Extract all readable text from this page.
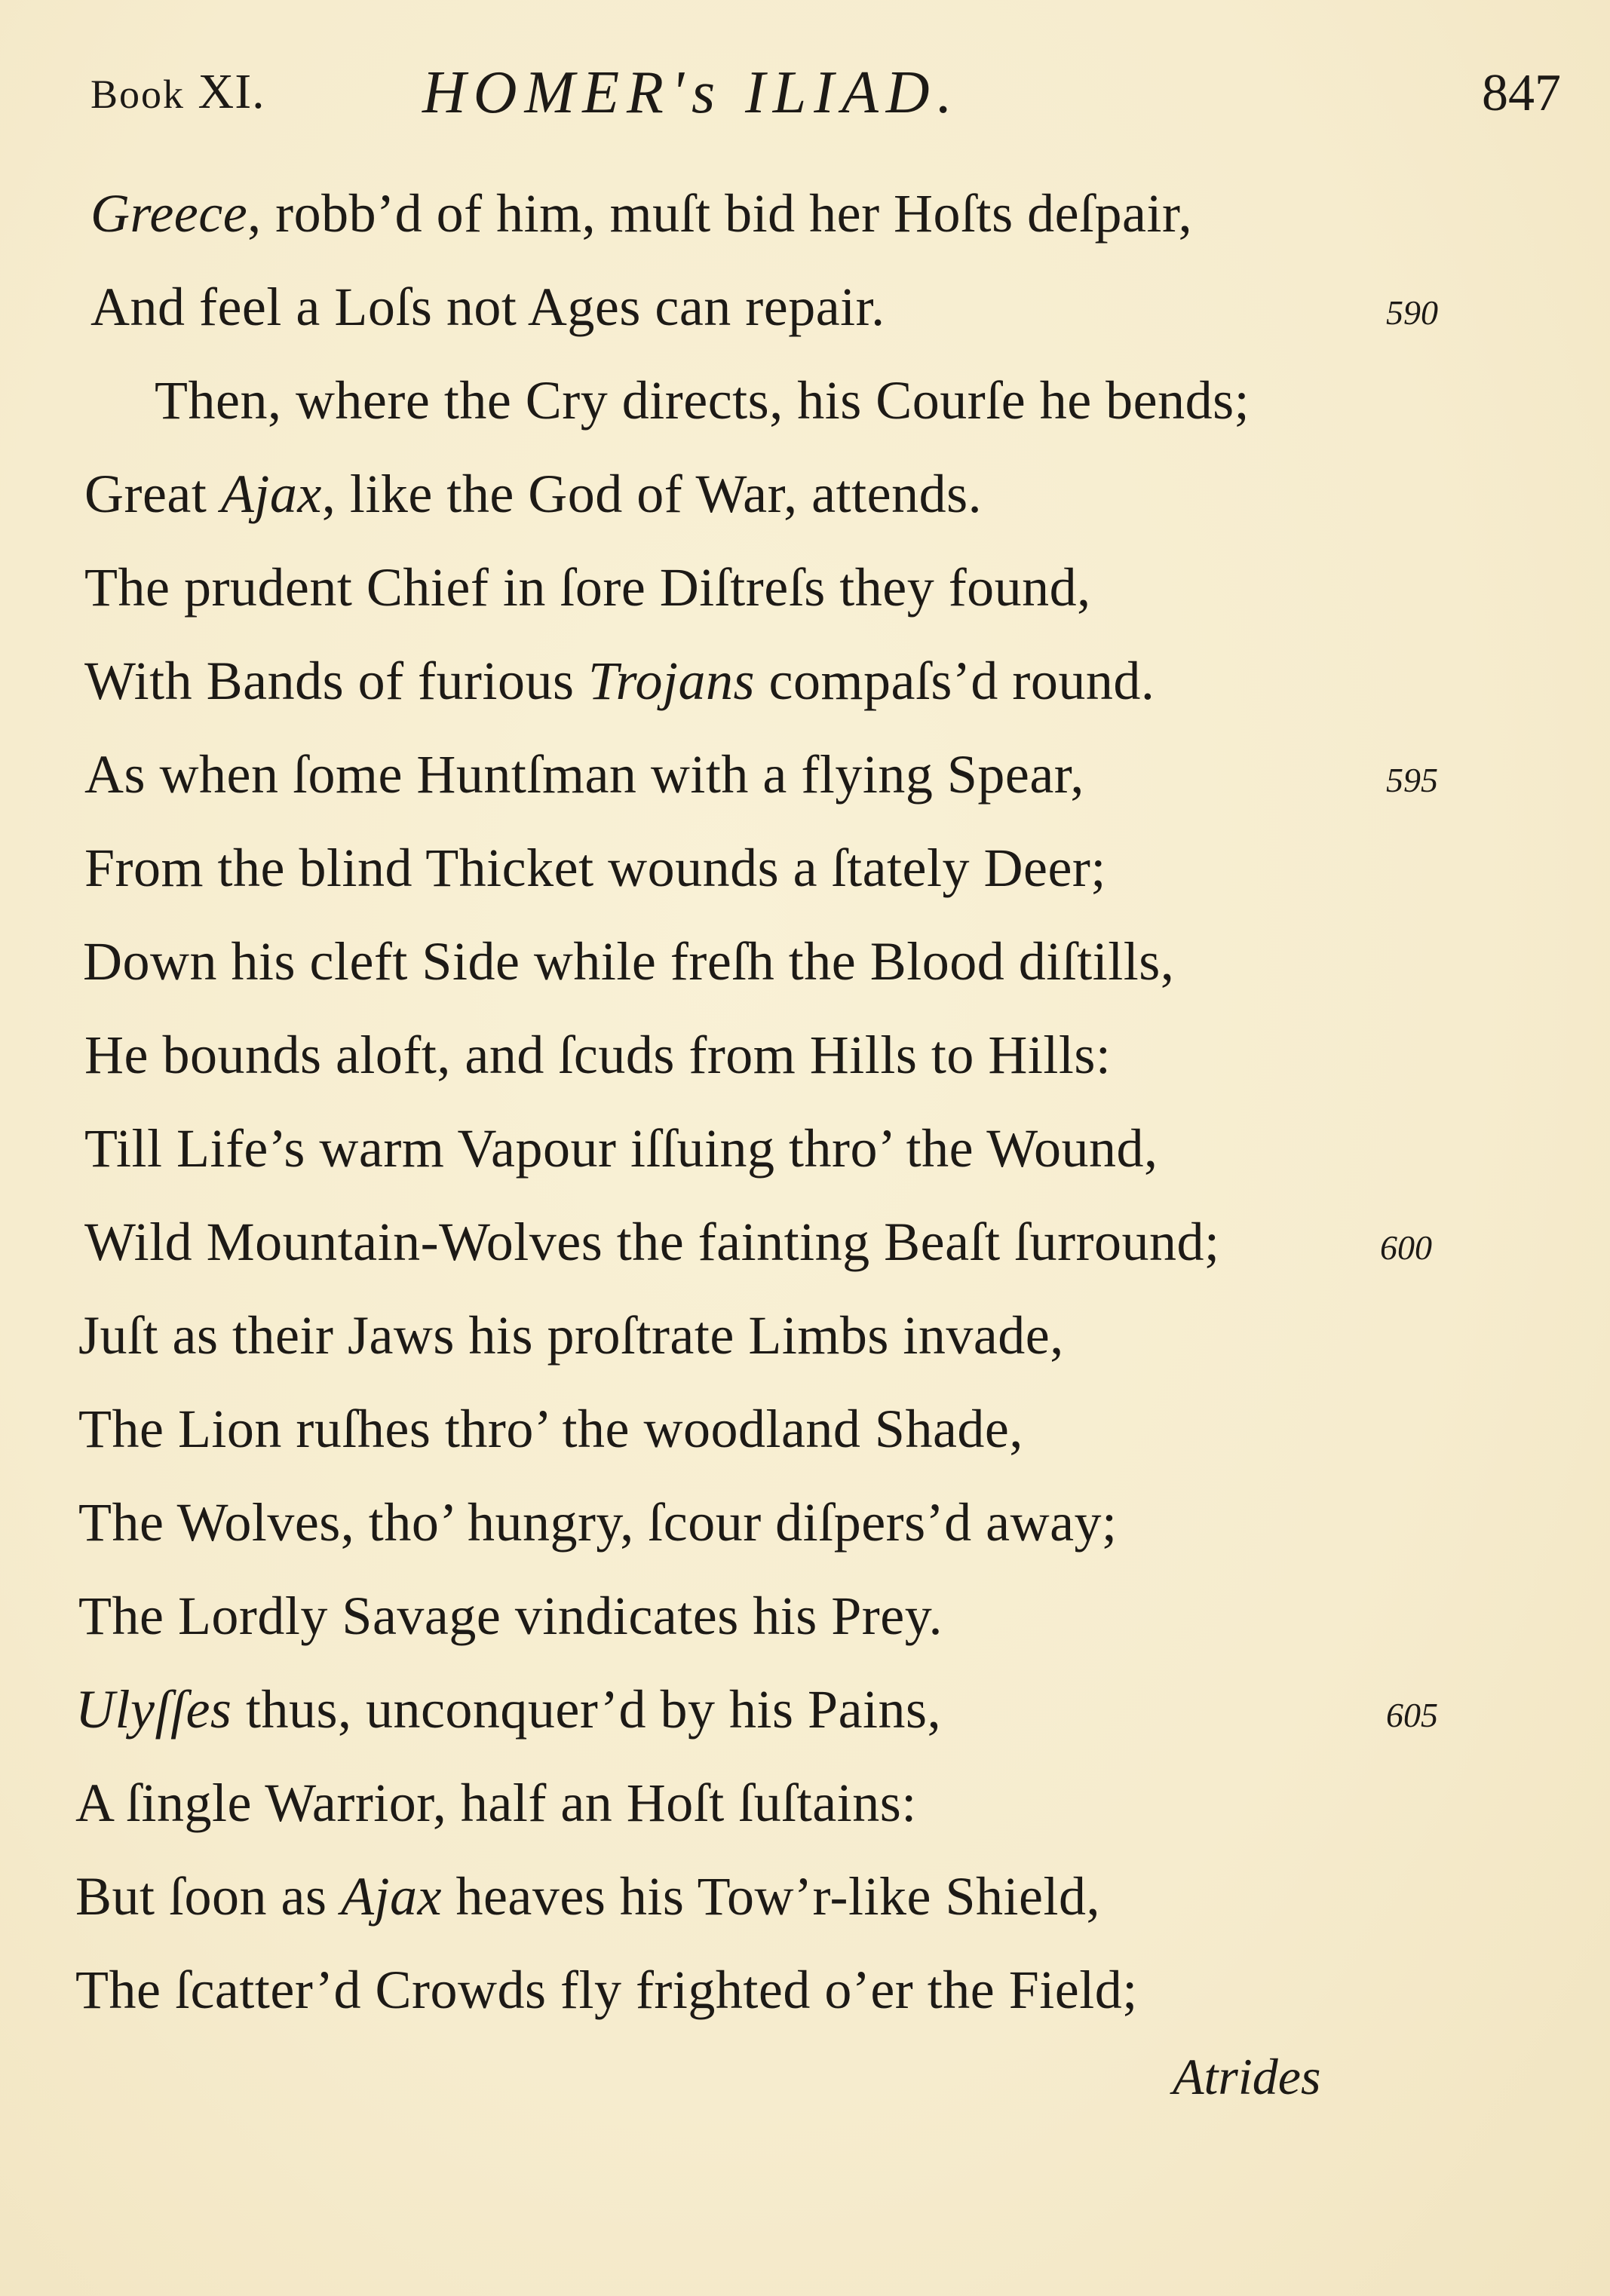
Book XI.	HOMER's ILIAD.	847
Greece, robb’d of him, muſt bid her Hoſts deſpair,
And feel a Loſs not Ages can repair.	590
Then, where the Cry directs, his Courſe he bends;
Great Ajax, like the God of War, attends.
The prudent Chief in ſore Diſtreſs they found,
With Bands of furious Trojans compaſs’d round.
As when ſome Huntſman with a flying Spear,	595
From the blind Thicket wounds a ſtately Deer;
Down his cleft Side while freſh the Blood diſtills,
He bounds aloft, and ſcuds from Hills to Hills:
Till Life’s warm Vapour iſſuing thro’ the Wound,
Wild Mountain-Wolves the fainting Beaſt ſurround;	600
Juſt as their Jaws his proſtrate Limbs invade,
The Lion ruſhes thro’ the woodland Shade,
The Wolves, tho’ hungry, ſcour diſpers’d away;
The Lordly Savage vindicates his Prey.
Ulyſſes thus, unconquer’d by his Pains,	605
A ſingle Warrior, half an Hoſt ſuſtains:
But ſoon as Ajax heaves his Tow’r-like Shield,
The ſcatter’d Crowds fly frighted o’er the Field;
Atrides
